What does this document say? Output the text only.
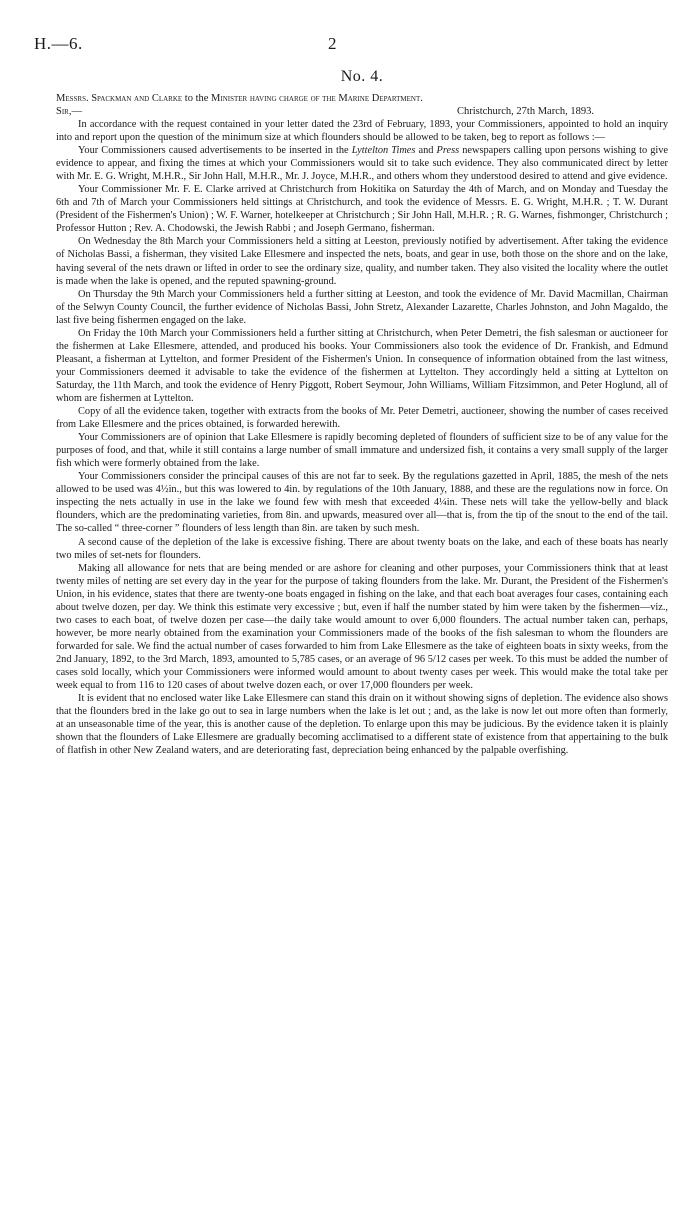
H.—6.	2
No. 4.
Messrs. Spackman and Clarke to the Minister having charge of the Marine Department.
Sir,—	Christchurch, 27th March, 1893.

In accordance with the request contained in your letter dated the 23rd of February, 1893, your Commissioners, appointed to hold an inquiry into and report upon the question of the minimum size at which flounders should be allowed to be taken, beg to report as follows :—

Your Commissioners caused advertisements to be inserted in the Lyttelton Times and Press newspapers calling upon persons wishing to give evidence to appear, and fixing the times at which your Commissioners would sit to take such evidence. They also communicated direct by letter with Mr. E. G. Wright, M.H.R., Sir John Hall, M.H.R., Mr. J. Joyce, M.H.R., and others whom they understood desired to attend and give evidence.

Your Commissioner Mr. F. E. Clarke arrived at Christchurch from Hokitika on Saturday the 4th of March, and on Monday and Tuesday the 6th and 7th of March your Commissioners held sittings at Christchurch, and took the evidence of Messrs. E. G. Wright, M.H.R. ; T. W. Durant (President of the Fishermen's Union) ; W. F. Warner, hotelkeeper at Christchurch ; Sir John Hall, M.H.R. ; R. G. Warnes, fishmonger, Christchurch ; Professor Hutton ; Rev. A. Chodowski, the Jewish Rabbi ; and Joseph Germano, fisherman.

On Wednesday the 8th March your Commissioners held a sitting at Leeston, previously notified by advertisement. After taking the evidence of Nicholas Bassi, a fisherman, they visited Lake Ellesmere and inspected the nets, boats, and gear in use, both those on the shore and on the lake, having several of the nets drawn or lifted in order to see the ordinary size, quality, and number taken. They also visited the locality where the outlet is made when the lake is opened, and the reputed spawning-ground.

On Thursday the 9th March your Commissioners held a further sitting at Leeston, and took the evidence of Mr. David Macmillan, Chairman of the Selwyn County Council, the further evidence of Nicholas Bassi, John Stretz, Alexander Lazarette, Charles Johnston, and John Magaldo, the last five being fishermen engaged on the lake.

On Friday the 10th March your Commissioners held a further sitting at Christchurch, when Peter Demetri, the fish salesman or auctioneer for the fishermen at Lake Ellesmere, attended, and produced his books. Your Commissioners also took the evidence of Dr. Frankish, and Edmund Pleasant, a fisherman at Lyttelton, and former President of the Fishermen's Union. In consequence of information obtained from the last witness, your Commissioners deemed it advisable to take the evidence of the fishermen at Lyttelton. They accordingly held a sitting at Lyttelton on Saturday, the 11th March, and took the evidence of Henry Piggott, Robert Seymour, John Williams, William Fitzsimmon, and Peter Hoglund, all of whom are fishermen at Lyttelton.

Copy of all the evidence taken, together with extracts from the books of Mr. Peter Demetri, auctioneer, showing the number of cases received from Lake Ellesmere and the prices obtained, is forwarded herewith.

Your Commissioners are of opinion that Lake Ellesmere is rapidly becoming depleted of flounders of sufficient size to be of any value for the purposes of food, and that, while it still contains a large number of small immature and undersized fish, it contains a very small supply of the larger fish which were formerly obtained from the lake.

Your Commissioners consider the principal causes of this are not far to seek. By the regulations gazetted in April, 1885, the mesh of the nets allowed to be used was 4½in., but this was lowered to 4in. by regulations of the 10th January, 1888, and these are the regulations now in force. On inspecting the nets actually in use in the lake we found few with mesh that exceeded 4¼in. These nets will take the yellow-belly and black flounders, which are the predominating varieties, from 8in. and upwards, measured over all—that is, from the tip of the snout to the end of the tail. The so-called “ three-corner ” flounders of less length than 8in. are taken by such mesh.

A second cause of the depletion of the lake is excessive fishing. There are about twenty boats on the lake, and each of these boats has nearly two miles of set-nets for flounders.

Making all allowance for nets that are being mended or are ashore for cleaning and other purposes, your Commissioners think that at least twenty miles of netting are set every day in the year for the purpose of taking flounders from the lake. Mr. Durant, the President of the Fishermen's Union, in his evidence, states that there are twenty-one boats engaged in fishing on the lake, and that each boat averages four cases, containing each about twelve dozen, per day. We think this estimate very excessive ; but, even if half the number stated by him were taken by the fishermen—viz., two cases to each boat, of twelve dozen per case—the daily take would amount to over 6,000 flounders. The actual number taken can, perhaps, however, be more nearly obtained from the examination your Commissioners made of the books of the fish salesman to whom the flounders are forwarded for sale. We find the actual number of cases forwarded to him from Lake Ellesmere as the take of eighteen boats in sixty weeks, from the 2nd January, 1892, to the 3rd March, 1893, amounted to 5,785 cases, or an average of 96 5/12 cases per week. To this must be added the number of cases sold locally, which your Commissioners were informed would amount to about twenty cases per week. This would make the total take per week equal to from 116 to 120 cases of about twelve dozen each, or over 17,000 flounders per week.

It is evident that no enclosed water like Lake Ellesmere can stand this drain on it without showing signs of depletion. The evidence also shows that the flounders bred in the lake go out to sea in large numbers when the lake is let out ; and, as the lake is now let out more often than formerly, at an unseasonable time of the year, this is another cause of the depletion. To enlarge upon this may be judicious. By the evidence taken it is plainly shown that the flounders of Lake Ellesmere are gradually becoming acclimatised to a different state of existence from that appertaining to the bulk of flatfish in other New Zealand waters, and are deteriorating fast, depreciation being enhanced by the palpable overfishing.
